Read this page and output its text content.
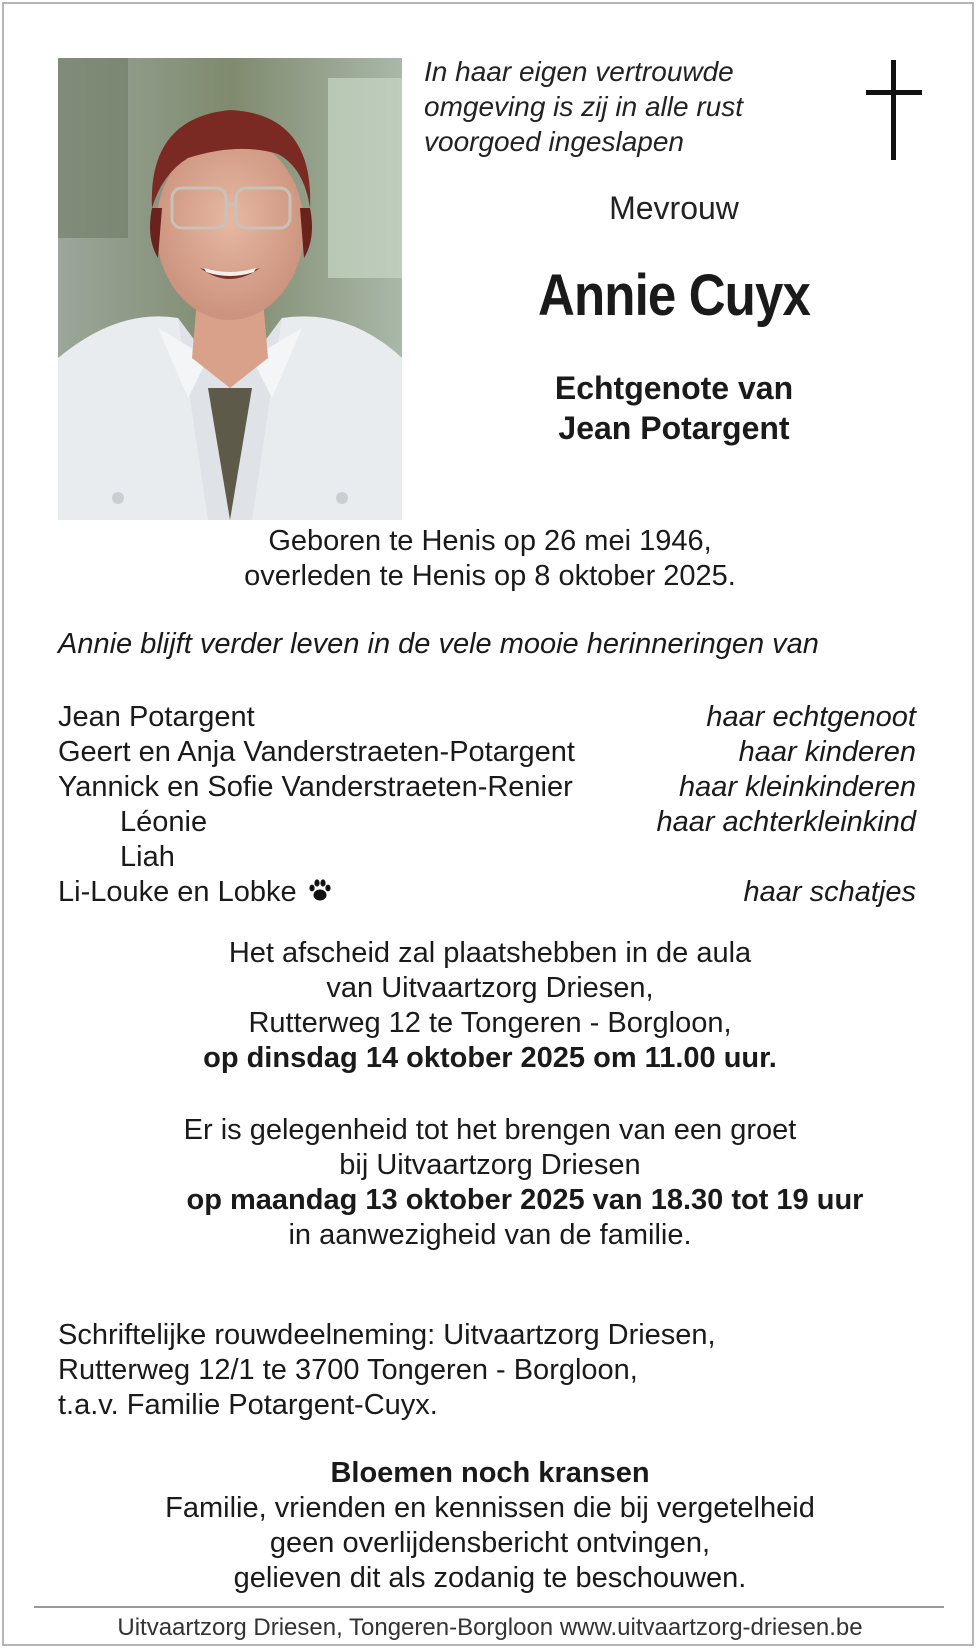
In haar eigen vertrouwde
omgeving is zij in alle rust
voorgoed ingeslapen
Mevrouw
Annie Cuyx
Echtgenote van
Jean Potargent
Geboren te Henis op 26 mei 1946,
overleden te Henis op 8 oktober 2025.
Annie blijft verder leven in de vele mooie herinneringen van
Jean Potargent	haar echtgenoot
Geert en Anja Vanderstraeten-Potargent	haar kinderen
Yannick en Sofie Vanderstraeten-Renier	haar kleinkinderen
Léonie	haar achterkleinkind
Liah
Li-Louke en Lobke	haar schatjes
Het afscheid zal plaatshebben in de aula
van Uitvaartzorg Driesen,
Rutterweg 12 te Tongeren - Borgloon,
op dinsdag 14 oktober 2025 om 11.00 uur.
Er is gelegenheid tot het brengen van een groet
bij Uitvaartzorg Driesen
op maandag 13 oktober 2025 van 18.30 tot 19 uur
in aanwezigheid van de familie.
Schriftelijke rouwdeelneming: Uitvaartzorg Driesen,
Rutterweg 12/1 te 3700 Tongeren - Borgloon,
t.a.v. Familie Potargent-Cuyx.
Bloemen noch kransen
Familie, vrienden en kennissen die bij vergetelheid
geen overlijdensbericht ontvingen,
gelieven dit als zodanig te beschouwen.
Uitvaartzorg Driesen, Tongeren-Borgloon www.uitvaartzorg-driesen.be
